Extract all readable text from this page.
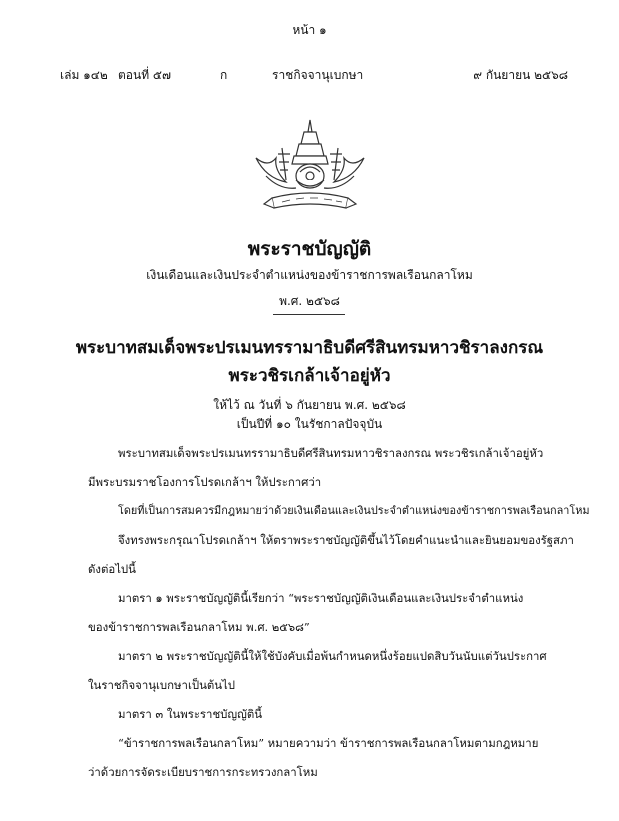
หน้า ๑
เล่ม ๑๔๒ ตอนที่ ๕๗	ก	ราชกิจจานุเบกษา	๙ กันยายน ๒๕๖๘
พระราชบัญญัติ
เงินเดือนและเงินประจำตำแหน่งของข้าราชการพลเรือนกลาโหม
พ.ศ. ๒๕๖๘
พระบาทสมเด็จพระปรเมนทรรามาธิบดีศรีสินทรมหาวชิราลงกรณ
พระวชิรเกล้าเจ้าอยู่หัว
ให้ไว้ ณ วันที่ ๖ กันยายน พ.ศ. ๒๕๖๘
เป็นปีที่ ๑๐ ในรัชกาลปัจจุบัน
พระบาทสมเด็จพระปรเมนทรรามาธิบดีศรีสินทรมหาวชิราลงกรณ พระวชิรเกล้าเจ้าอยู่หัว
มีพระบรมราชโองการโปรดเกล้าฯ ให้ประกาศว่า
โดยที่เป็นการสมควรมีกฎหมายว่าด้วยเงินเดือนและเงินประจำตำแหน่งของข้าราชการพลเรือนกลาโหม
จึงทรงพระกรุณาโปรดเกล้าฯ ให้ตราพระราชบัญญัติขึ้นไว้โดยคำแนะนำและยินยอมของรัฐสภา
ดังต่อไปนี้
มาตรา ๑ พระราชบัญญัตินี้เรียกว่า “พระราชบัญญัติเงินเดือนและเงินประจำตำแหน่ง
ของข้าราชการพลเรือนกลาโหม พ.ศ. ๒๕๖๘”
มาตรา ๒ พระราชบัญญัตินี้ให้ใช้บังคับเมื่อพ้นกำหนดหนึ่งร้อยแปดสิบวันนับแต่วันประกาศ
ในราชกิจจานุเบกษาเป็นต้นไป
มาตรา ๓ ในพระราชบัญญัตินี้
“ข้าราชการพลเรือนกลาโหม” หมายความว่า ข้าราชการพลเรือนกลาโหมตามกฎหมาย
ว่าด้วยการจัดระเบียบราชการกระทรวงกลาโหม
